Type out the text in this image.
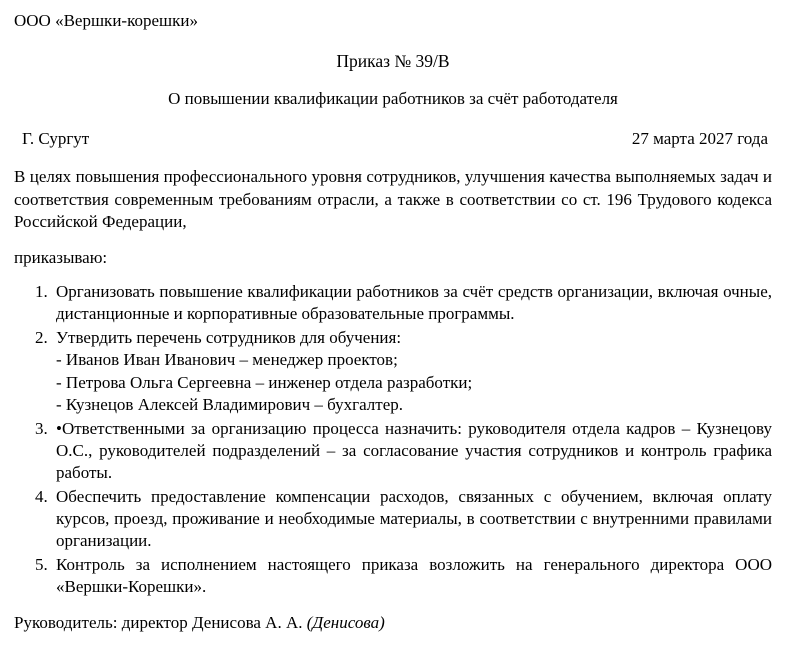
ООО «Вершки-корешки»
Приказ № 39/В
О повышении квалификации работников за счёт работодателя
Г. Сургут	27 марта 2027 года

В целях повышения профессионального уровня сотрудников, улучшения качества выполняемых задач и соответствия современным требованиям отрасли, а также в соответствии со ст. 196 Трудового кодекса Российской Федерации,

приказываю:

1. Организовать повышение квалификации работников за счёт средств организации, включая очные, дистанционные и корпоративные образовательные программы.
2. Утвердить перечень сотрудников для обучения:
- Иванов Иван Иванович – менеджер проектов;
- Петрова Ольга Сергеевна – инженер отдела разработки;
- Кузнецов Алексей Владимирович – бухгалтер.
3. •Ответственными за организацию процесса назначить: руководителя отдела кадров – Кузнецову О.С., руководителей подразделений – за согласование участия сотрудников и контроль графика работы.
4. Обеспечить предоставление компенсации расходов, связанных с обучением, включая оплату курсов, проезд, проживание и необходимые материалы, в соответствии с внутренними правилами организации.
5. Контроль за исполнением настоящего приказа возложить на генерального директора ООО «Вершки-Корешки».

Руководитель: директор Денисова А. А. (Денисова)
